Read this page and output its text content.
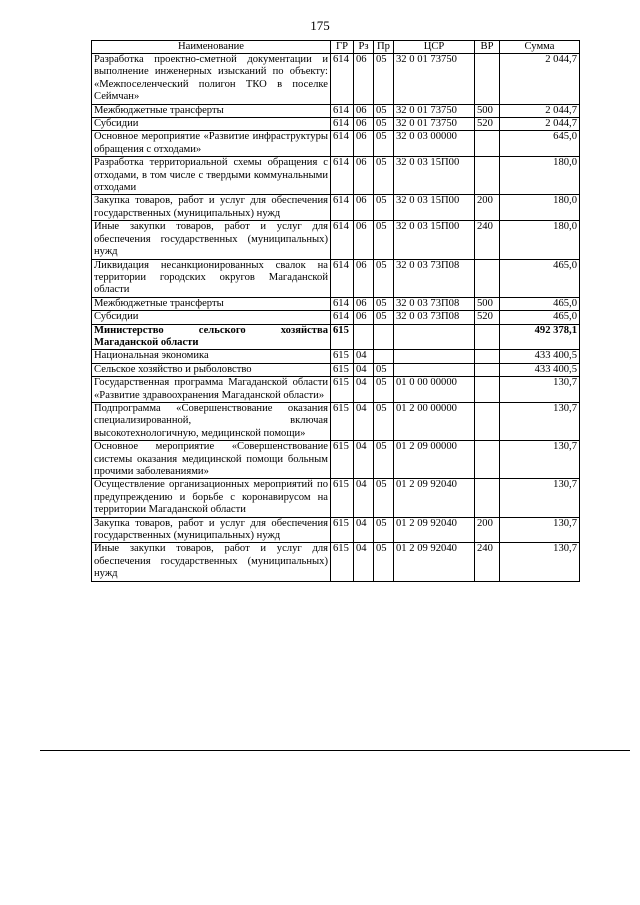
175
Наименование	ГР	Рз	Пр	ЦСР	ВР	Сумма
Разработка проектно-сметной документации и выполнение инженерных изысканий по объекту: «Межпоселенческий полигон ТКО в поселке Сеймчан»	614	06	05	32 0 01 73750		2 044,7
Межбюджетные трансферты	614	06	05	32 0 01 73750	500	2 044,7
Субсидии	614	06	05	32 0 01 73750	520	2 044,7
Основное мероприятие «Развитие инфраструктуры обращения с отходами»	614	06	05	32 0 03 00000		645,0
Разработка территориальной схемы обращения с отходами, в том числе с твердыми коммунальными отходами	614	06	05	32 0 03 15П00		180,0
Закупка товаров, работ и услуг для обеспечения государственных (муниципальных) нужд	614	06	05	32 0 03 15П00	200	180,0
Иные закупки товаров, работ и услуг для обеспечения государственных (муниципальных) нужд	614	06	05	32 0 03 15П00	240	180,0
Ликвидация несанкционированных свалок на территории городских округов Магаданской области	614	06	05	32 0 03 73П08		465,0
Межбюджетные трансферты	614	06	05	32 0 03 73П08	500	465,0
Субсидии	614	06	05	32 0 03 73П08	520	465,0
Министерство сельского хозяйства Магаданской области	615					492 378,1
Национальная экономика	615	04				433 400,5
Сельское хозяйство и рыболовство	615	04	05			433 400,5
Государственная программа Магаданской области «Развитие здравоохранения Магаданской области»	615	04	05	01 0 00 00000		130,7
Подпрограмма «Совершенствование оказания специализированной, включая высокотехнологичную, медицинской помощи»	615	04	05	01 2 00 00000		130,7
Основное мероприятие «Совершенствование системы оказания медицинской помощи больным прочими заболеваниями»	615	04	05	01 2 09 00000		130,7
Осуществление организационных мероприятий по предупреждению и борьбе с коронавирусом на территории Магаданской области	615	04	05	01 2 09 92040		130,7
Закупка товаров, работ и услуг для обеспечения государственных (муниципальных) нужд	615	04	05	01 2 09 92040	200	130,7
Иные закупки товаров, работ и услуг для обеспечения государственных (муниципальных) нужд	615	04	05	01 2 09 92040	240	130,7
